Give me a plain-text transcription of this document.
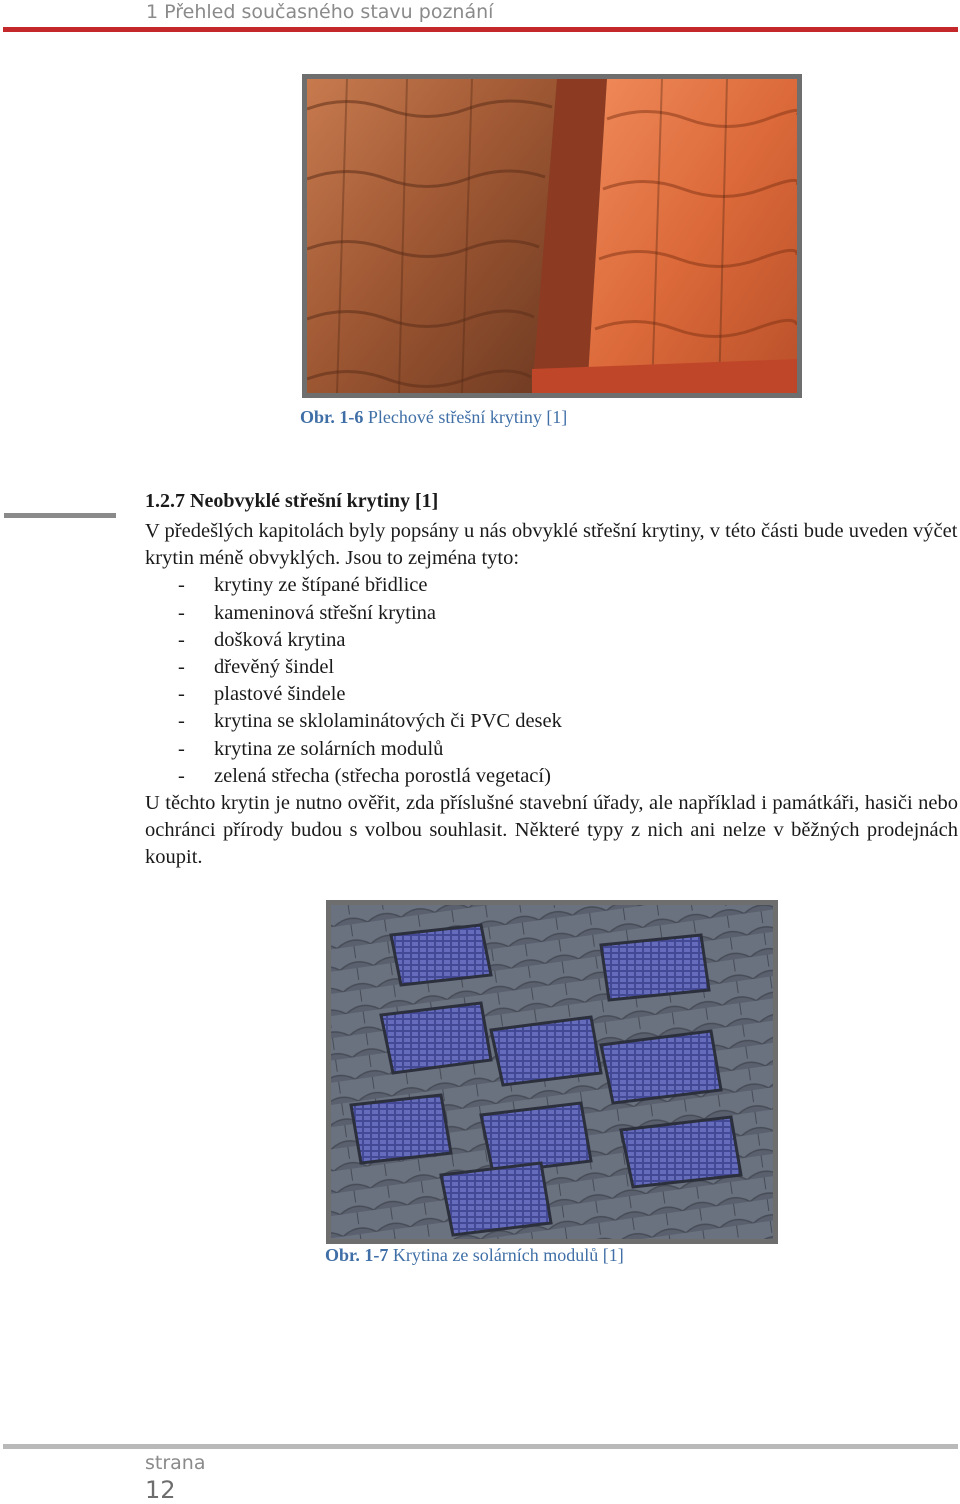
1 Přehled současného stavu poznání
Obr. 1-6 Plechové střešní krytiny [1]
1.2.7 Neobvyklé střešní krytiny [1]

V předešlých kapitolách byly popsány u nás obvyklé střešní krytiny, v této části bude uveden výčet krytin méně obvyklých. Jsou to zejména tyto:

- krytiny ze štípané břidlice
- kameninová střešní krytina
- došková krytina
- dřevěný šindel
- plastové šindele
- krytina se sklolaminátových či PVC desek
- krytina ze solárních modulů
- zelená střecha (střecha porostlá vegetací)

U těchto krytin je nutno ověřit, zda příslušné stavební úřady, ale například i památkáři, hasiči nebo ochránci přírody budou s volbou souhlasit. Některé typy z nich ani nelze v běžných prodejnách koupit.

Obr. 1-7 Krytina ze solárních modulů [1]
strana
12
